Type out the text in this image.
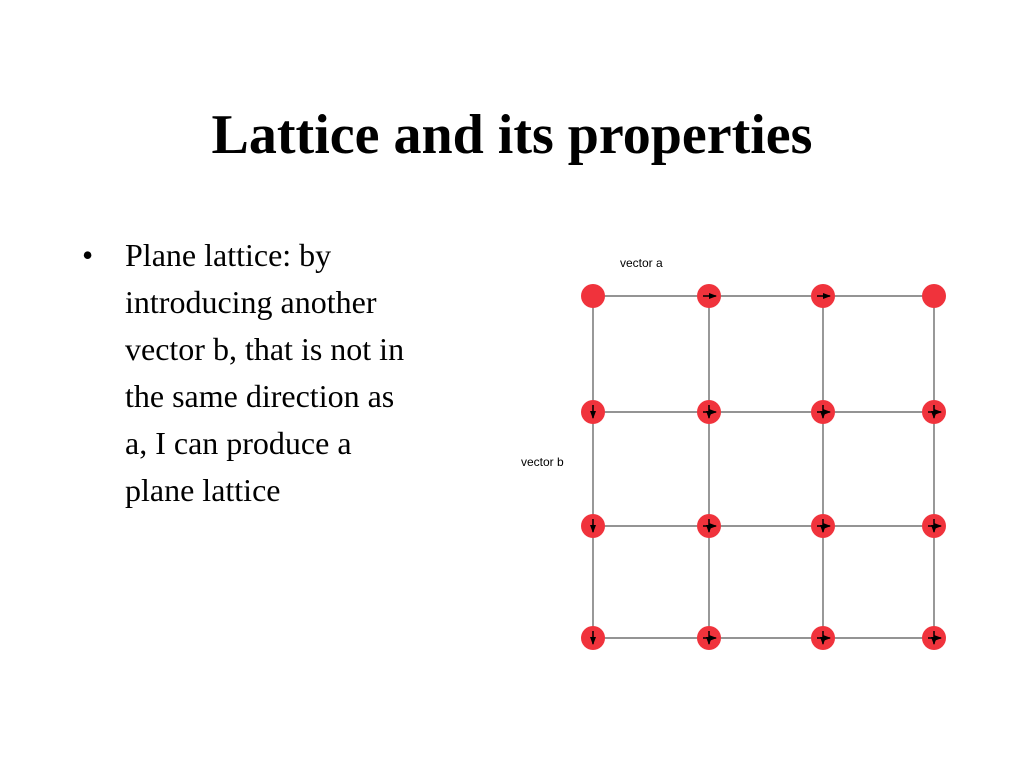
Lattice and its properties
• Plane lattice: by
introducing another
vector b, that is not in
the same direction as
a, I can produce a
plane lattice
vector a
vector b
